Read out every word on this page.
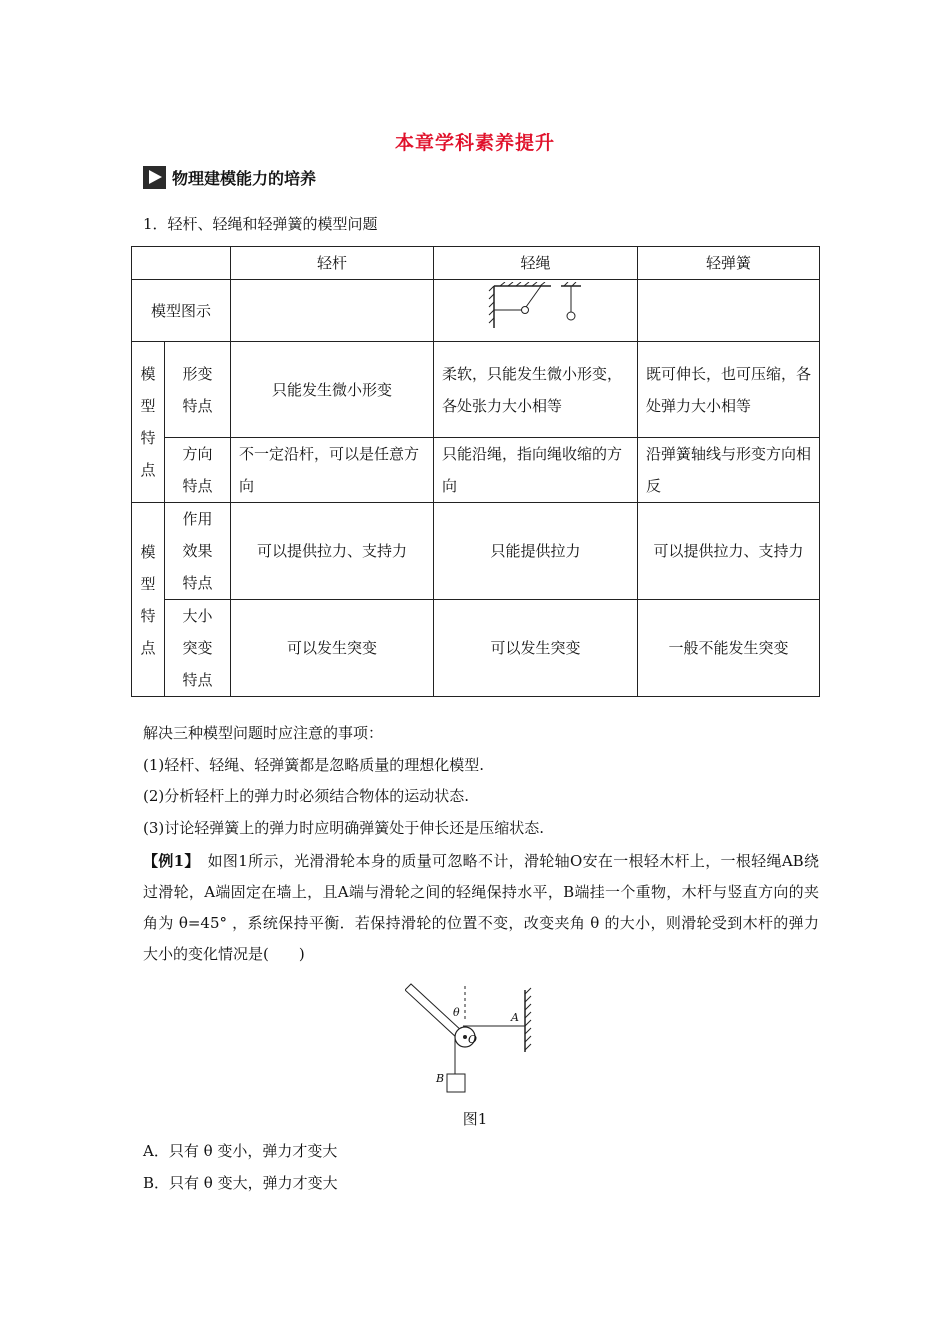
本章学科素养提升
物理建模能力的培养
1．轻杆、轻绳和轻弹簧的模型问题
		轻杆	轻绳	轻弹簧
模型图示			

模型特点	形变特点	只能发生微小形变	柔软，只能发生微小形变，各处张力大小相等	既可伸长，也可压缩，各处弹力大小相等

	方向特点	不一定沿杆，可以是任意方向	只能沿绳，指向绳收缩的方向	沿弹簧轴线与形变方向相反

模型特点	作用效果特点	可以提供拉力、支持力	只能提供拉力	可以提供拉力、支持力

	大小突变特点	可以发生突变	可以发生突变	一般不能发生突变
解决三种模型问题时应注意的事项：
(1)轻杆、轻绳、轻弹簧都是忽略质量的理想化模型.
(2)分析轻杆上的弹力时必须结合物体的运动状态.
(3)讨论轻弹簧上的弹力时应明确弹簧处于伸长还是压缩状态.
【例1】　如图1所示，光滑滑轮本身的质量可忽略不计，滑轮轴O安在一根轻木杆上，一根轻绳AB绕过滑轮，A端固定在墙上，且A端与滑轮之间的轻绳保持水平，B端挂一个重物，木杆与竖直方向的夹角为 θ=45° ，系统保持平衡．若保持滑轮的位置不变，改变夹角 θ 的大小，则滑轮受到木杆的弹力大小的变化情况是(　　)
θ	A
O
B
图1
A．只有 θ 变小，弹力才变大
B．只有 θ 变大，弹力才变大
